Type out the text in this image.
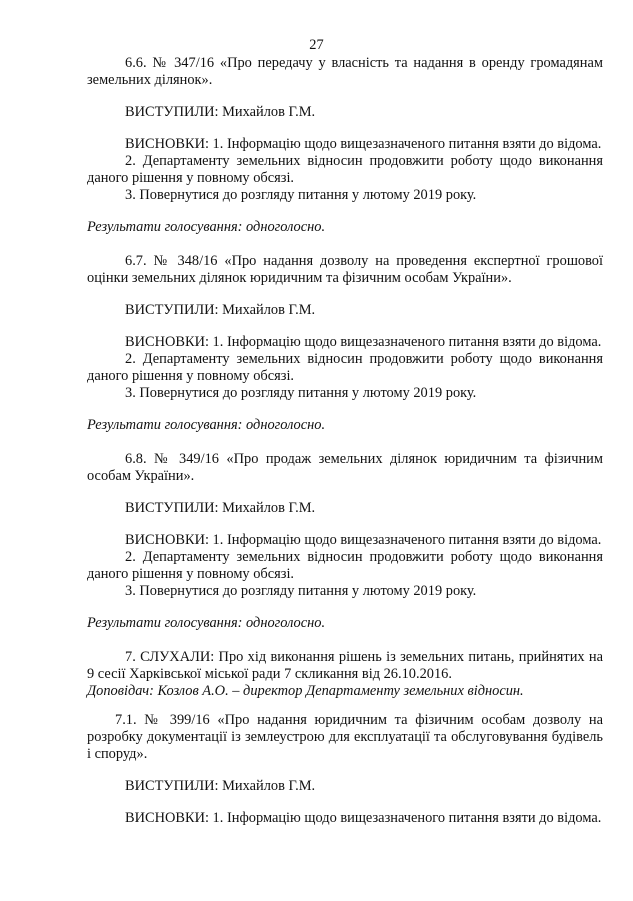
27

6.6. № 347/16 «Про передачу у власність та надання в оренду громадянам земельних ділянок».

ВИСТУПИЛИ: Михайлов Г.М.

ВИСНОВКИ: 1. Інформацію щодо вищезазначеного питання взяти до відома.

2. Департаменту земельних відносин продовжити роботу щодо виконання даного рішення у повному обсязі.

3. Повернутися до розгляду питання у лютому 2019 року.

Результати голосування: одноголосно.

6.7. № 348/16 «Про надання дозволу на проведення експертної грошової оцінки земельних ділянок юридичним та фізичним особам України».

ВИСТУПИЛИ: Михайлов Г.М.

ВИСНОВКИ: 1. Інформацію щодо вищезазначеного питання взяти до відома.

2. Департаменту земельних відносин продовжити роботу щодо виконання даного рішення у повному обсязі.

3. Повернутися до розгляду питання у лютому 2019 року.

Результати голосування: одноголосно.

6.8. № 349/16 «Про продаж земельних ділянок юридичним та фізичним особам України».

ВИСТУПИЛИ: Михайлов Г.М.

ВИСНОВКИ: 1. Інформацію щодо вищезазначеного питання взяти до відома.

2. Департаменту земельних відносин продовжити роботу щодо виконання даного рішення у повному обсязі.

3. Повернутися до розгляду питання у лютому 2019 року.

Результати голосування: одноголосно.

7. СЛУХАЛИ: Про хід виконання рішень із земельних питань, прийнятих на 9 сесії Харківської міської ради 7 скликання від 26.10.2016.

Доповідач: Козлов А.О. – директор Департаменту земельних відносин.

7.1. № 399/16 «Про надання юридичним та фізичним особам дозволу на розробку документації із землеустрою для експлуатації та обслуговування будівель і споруд».

ВИСТУПИЛИ: Михайлов Г.М.

ВИСНОВКИ: 1. Інформацію щодо вищезазначеного питання взяти до відома.
